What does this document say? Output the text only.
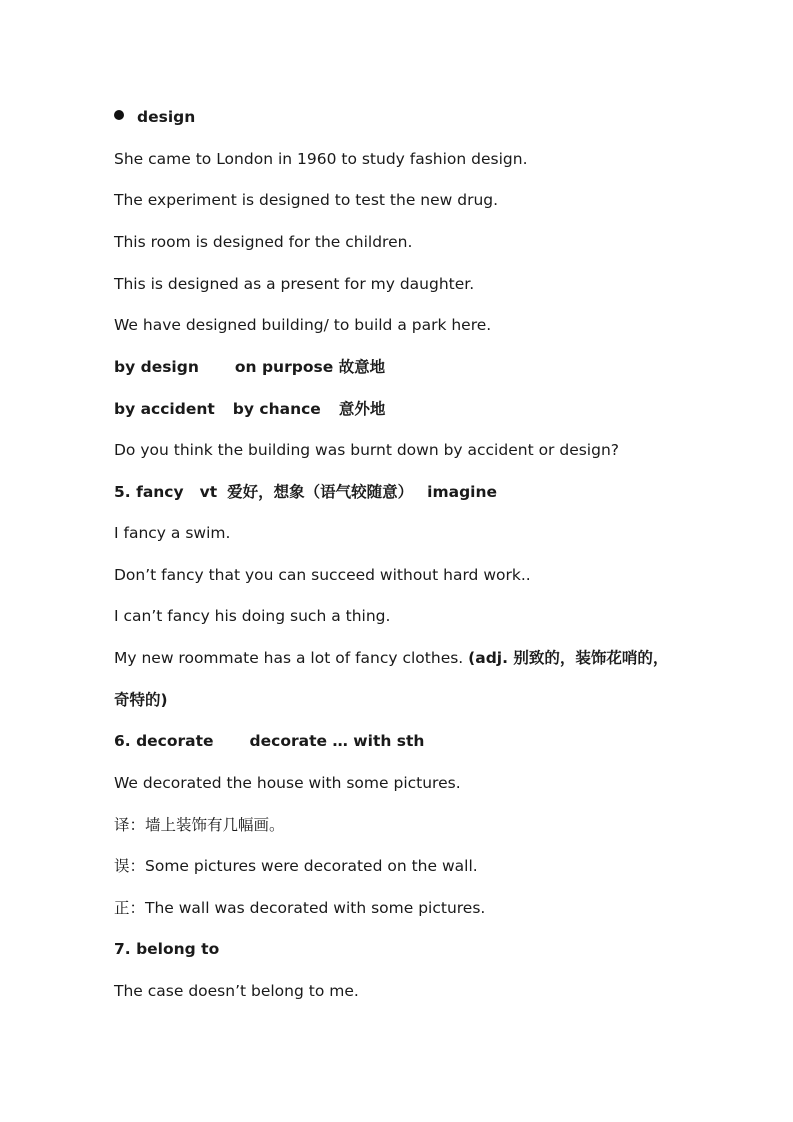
design
She came to London in 1960 to study fashion design.
The experiment is designed to test the new drug.
This room is designed for the children.
This is designed as a present for my daughter.
We have designed building/ to build a park here.
by design on purpose 故意地
by accident by chance 意外地
Do you think the building was burnt down by accident or design?
5. fancy vt 爱好，想象（语气较随意） imagine
I fancy a swim.
Don’t fancy that you can succeed without hard work..
I can’t fancy his doing such a thing.
My new roommate has a lot of fancy clothes. (adj. 别致的，装饰花哨的，
奇特的)
6. decorate decorate … with sth
We decorated the house with some pictures.
译：墙上装饰有几幅画。
误：Some pictures were decorated on the wall.
正：The wall was decorated with some pictures.
7. belong to
The case doesn’t belong to me.
